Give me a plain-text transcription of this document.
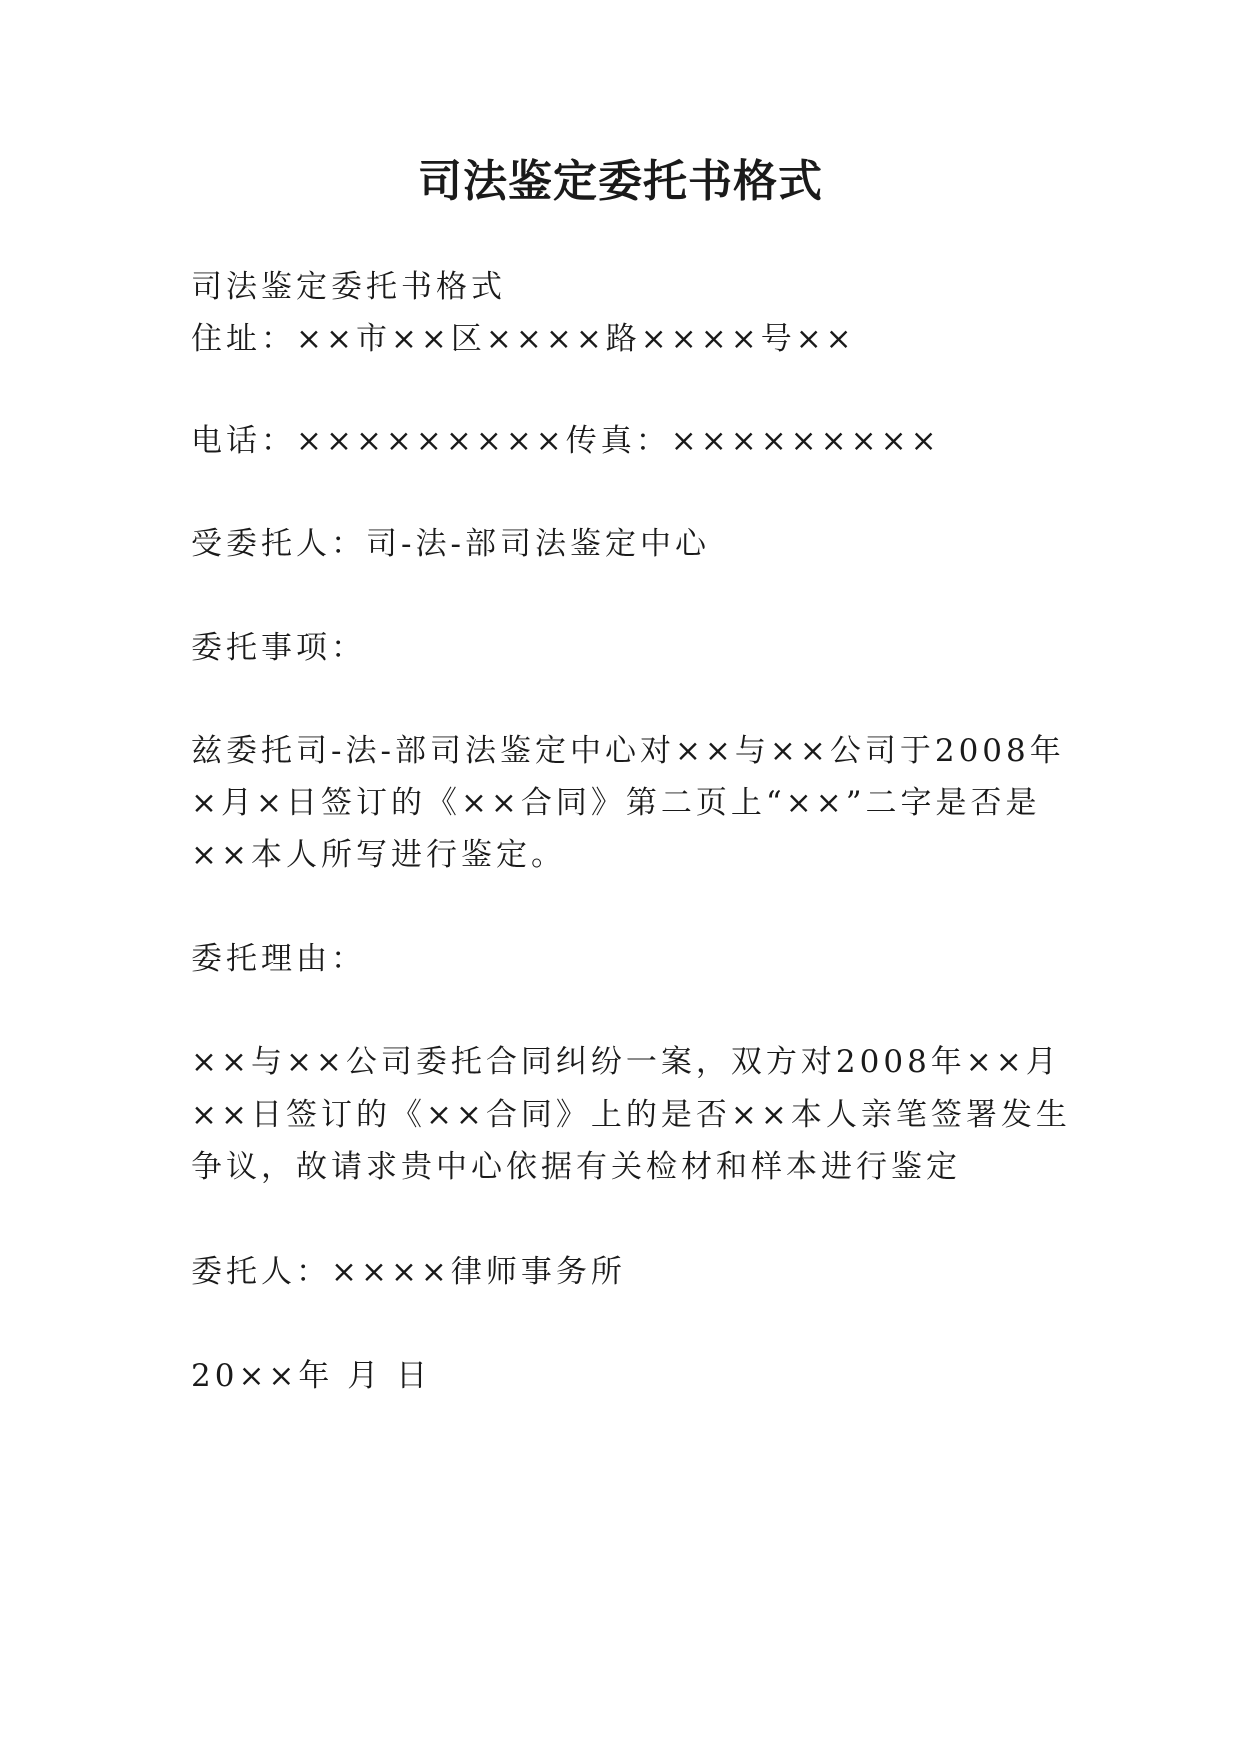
司法鉴定委托书格式

司法鉴定委托书格式

住址：××市××区××××路××××号××

电话：×××××××××传真：×××××××××

受委托人：司-法-部司法鉴定中心

委托事项：

兹委托司-法-部司法鉴定中心对××与××公司于2008年

×月×日签订的《××合同》第二页上“××”二字是否是

××本人所写进行鉴定。

委托理由：

××与××公司委托合同纠纷一案，双方对2008年××月

××日签订的《××合同》上的是否××本人亲笔签署发生

争议，故请求贵中心依据有关检材和样本进行鉴定

委托人：××××律师事务所

20××年 月 日
